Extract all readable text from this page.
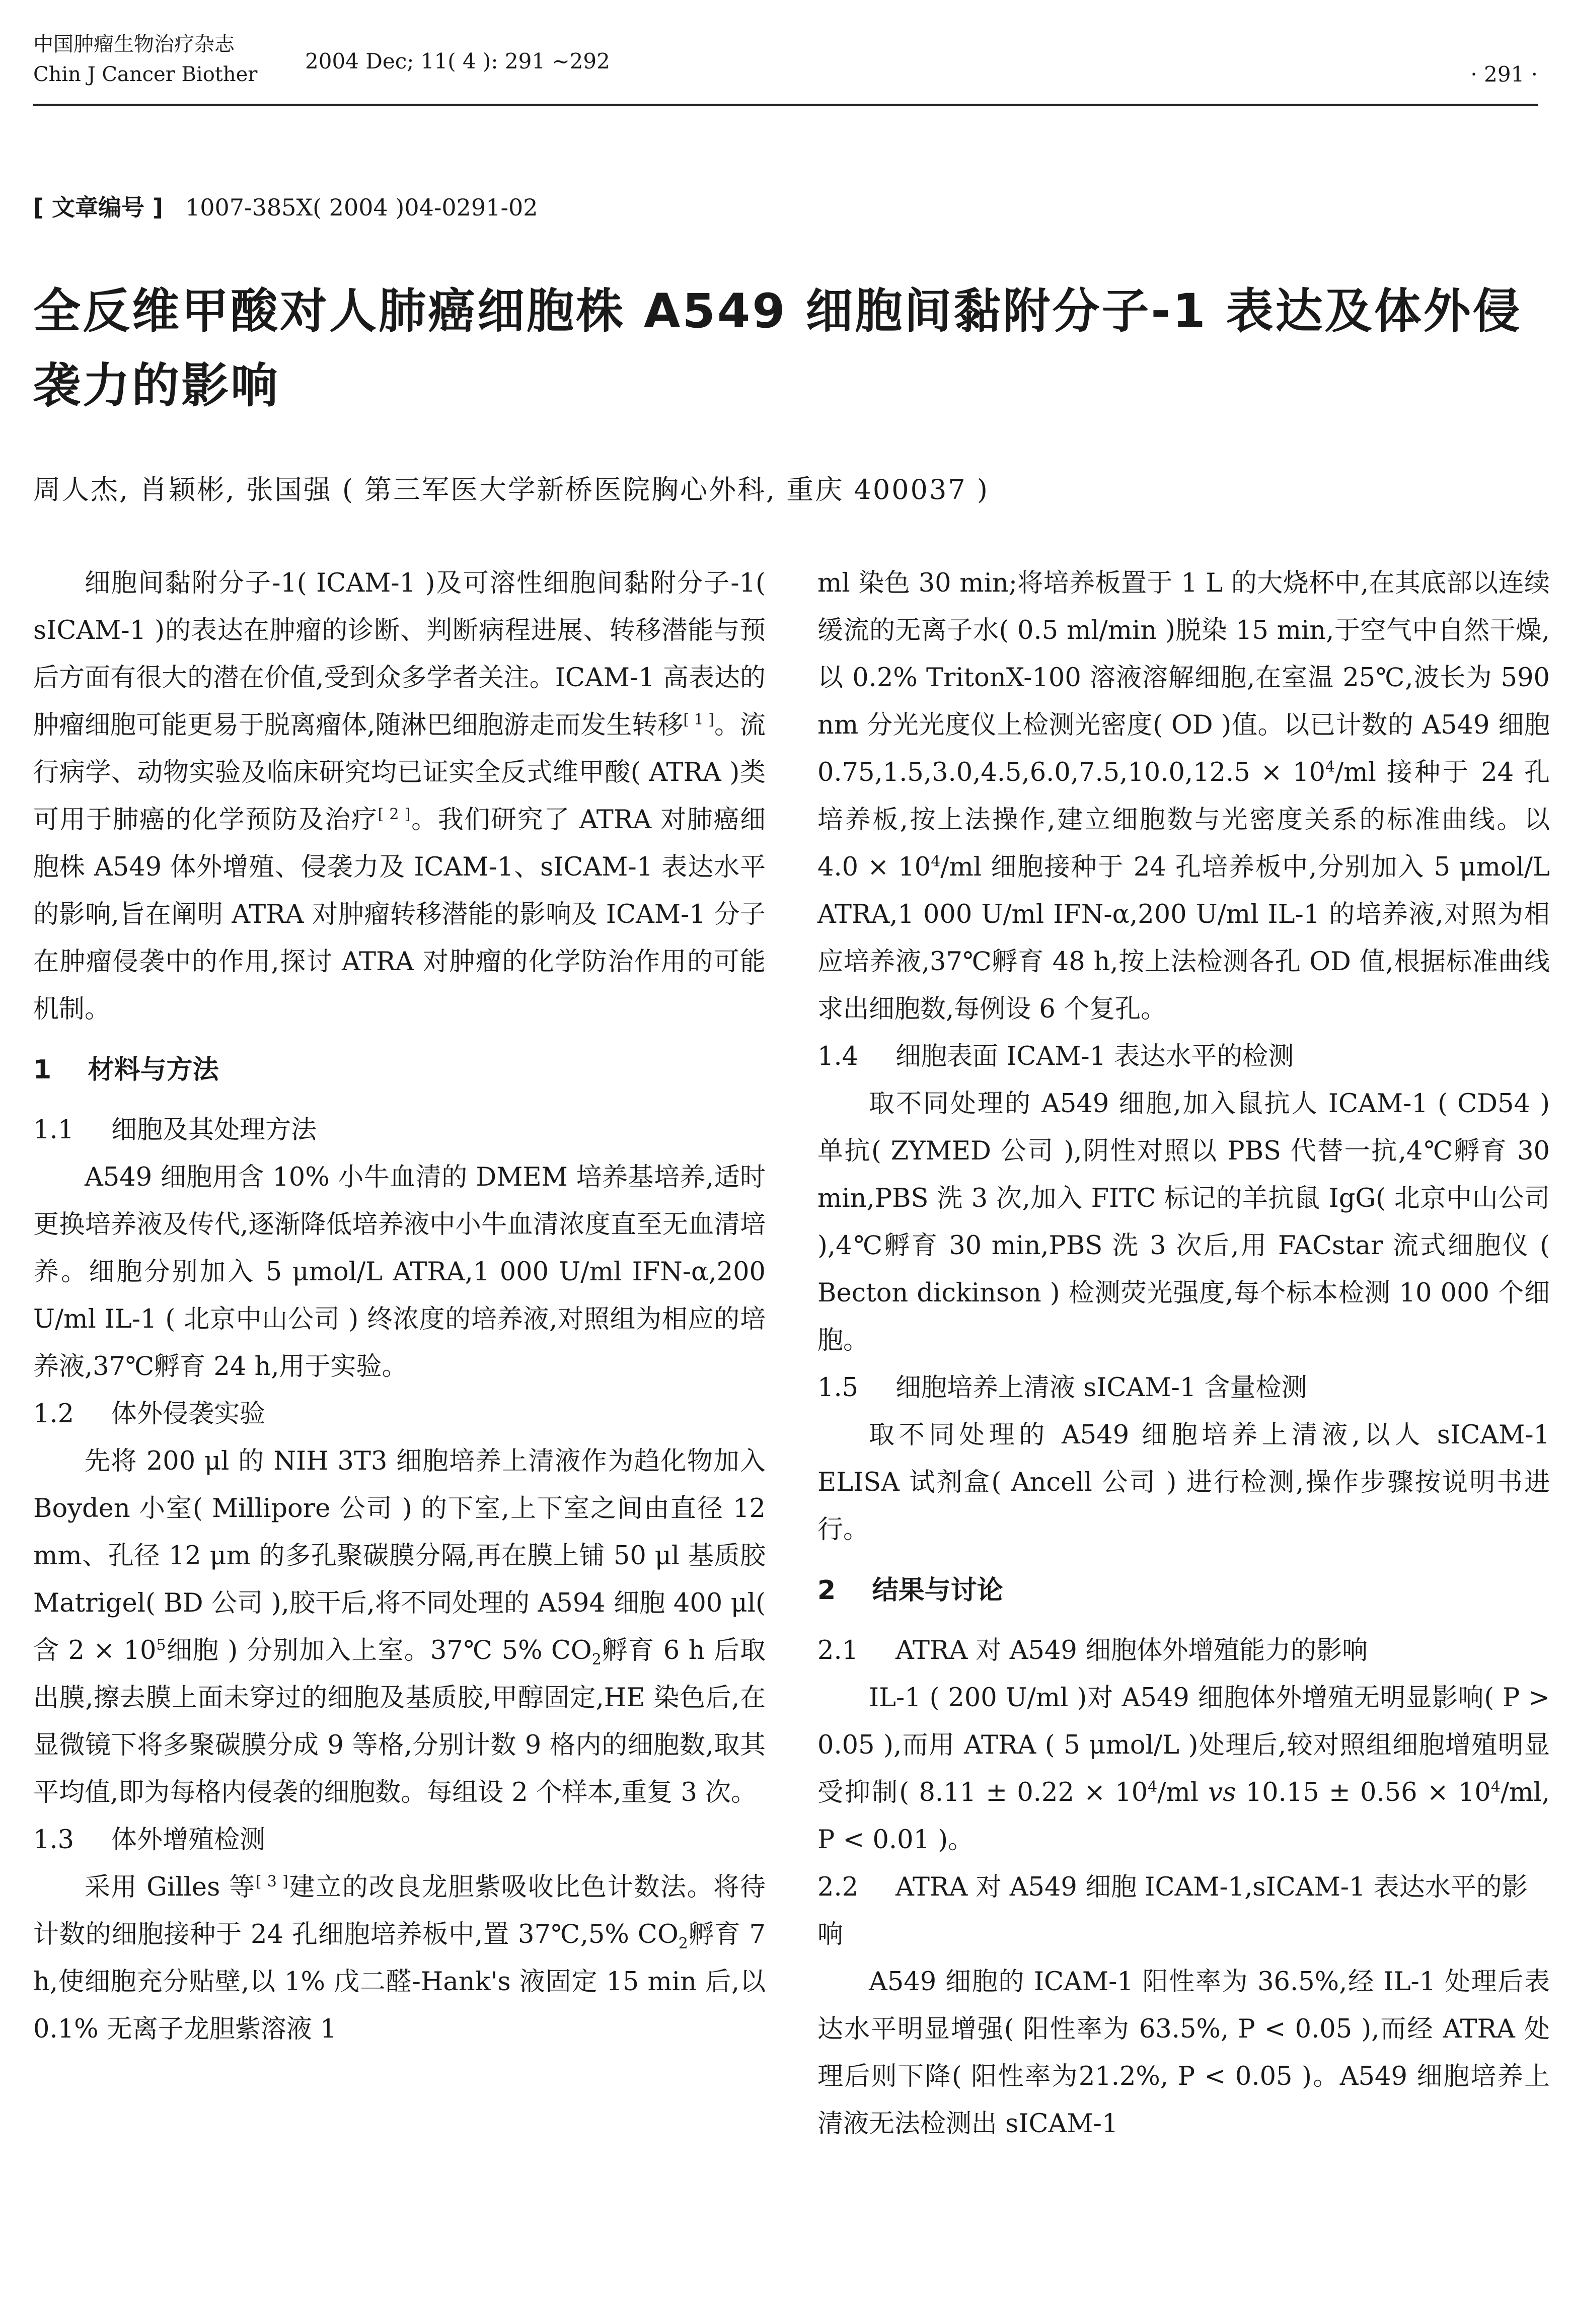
中国肿瘤生物治疗杂志
Chin J Cancer Biother
2004 Dec; 11( 4 ): 291 ~292
· 291 ·
[ 文章编号 ] 1007-385X( 2004 )04-0291-02
全反维甲酸对人肺癌细胞株 A549 细胞间黏附分子-1 表达及体外侵袭力的影响
周人杰, 肖颖彬, 张国强 ( 第三军医大学新桥医院胸心外科, 重庆 400037 )

细胞间黏附分子-1( ICAM-1 )及可溶性细胞间黏附分子-1( sICAM-1 )的表达在肿瘤的诊断、判断病程进展、转移潜能与预后方面有很大的潜在价值,受到众多学者关注。ICAM-1 高表达的肿瘤细胞可能更易于脱离瘤体,随淋巴细胞游走而发生转移[ 1 ]。流行病学、动物实验及临床研究均已证实全反式维甲酸( ATRA )类可用于肺癌的化学预防及治疗[ 2 ]。我们研究了 ATRA 对肺癌细胞株 A549 体外增殖、侵袭力及 ICAM-1、sICAM-1 表达水平的影响,旨在阐明 ATRA 对肿瘤转移潜能的影响及 ICAM-1 分子在肿瘤侵袭中的作用,探讨 ATRA 对肿瘤的化学防治作用的可能机制。

1 材料与方法
1.1 细胞及其处理方法

A549 细胞用含 10% 小牛血清的 DMEM 培养基培养,适时更换培养液及传代,逐渐降低培养液中小牛血清浓度直至无血清培养。细胞分别加入 5 μmol/L ATRA,1 000 U/ml IFN-α,200 U/ml IL-1 ( 北京中山公司 ) 终浓度的培养液,对照组为相应的培养液,37℃孵育 24 h,用于实验。

1.2 体外侵袭实验

先将 200 μl 的 NIH 3T3 细胞培养上清液作为趋化物加入 Boyden 小室( Millipore 公司 ) 的下室,上下室之间由直径 12 mm、孔径 12 μm 的多孔聚碳膜分隔,再在膜上铺 50 μl 基质胶 Matrigel( BD 公司 ),胶干后,将不同处理的 A594 细胞 400 μl( 含 $2 \times 10^5$细胞 ) 分别加入上室。37℃ 5% $CO_2$孵育 6 h 后取出膜,擦去膜上面未穿过的细胞及基质胶,甲醇固定,HE 染色后,在显微镜下将多聚碳膜分成 9 等格,分别计数 9 格内的细胞数,取其平均值,即为每格内侵袭的细胞数。每组设 2 个样本,重复 3 次。

1.3 体外增殖检测

采用 Gilles 等[ 3 ]建立的改良龙胆紫吸收比色计数法。将待计数的细胞接种于 24 孔细胞培养板中,置 37℃,5% $CO_2$孵育 7 h,使细胞充分贴壁,以 1% 戊二醛-Hank's 液固定 15 min 后,以 0.1% 无离子龙胆紫溶液 1

ml 染色 30 min;将培养板置于 1 L 的大烧杯中,在其底部以连续缓流的无离子水( 0.5 ml/min )脱染 15 min,于空气中自然干燥,以 0.2% TritonX-100 溶液溶解细胞,在室温 25℃,波长为 590 nm 分光光度仪上检测光密度( OD )值。以已计数的 A549 细胞 $0.75,1.5,3.0,4.5,6.0,7.5,10.0,12.5 \times 10^4/ml$ 接种于 24 孔培养板,按上法操作,建立细胞数与光密度关系的标准曲线。以 $4.0 \times 10^4/ml$ 细胞接种于 24 孔培养板中,分别加入 5 μmol/L ATRA,1 000 U/ml IFN-α,200 U/ml IL-1 的培养液,对照为相应培养液,37℃孵育 48 h,按上法检测各孔 OD 值,根据标准曲线求出细胞数,每例设 6 个复孔。

1.4 细胞表面 ICAM-1 表达水平的检测

取不同处理的 A549 细胞,加入鼠抗人 ICAM-1 ( CD54 ) 单抗( ZYMED 公司 ),阴性对照以 PBS 代替一抗,4℃孵育 30 min,PBS 洗 3 次,加入 FITC 标记的羊抗鼠 IgG( 北京中山公司 ),4℃孵育 30 min,PBS 洗 3 次后,用 FACstar 流式细胞仪 ( Becton dickinson ) 检测荧光强度,每个标本检测 10 000 个细胞。

1.5 细胞培养上清液 sICAM-1 含量检测

取不同处理的 A549 细胞培养上清液,以人 sICAM-1 ELISA 试剂盒( Ancell 公司 ) 进行检测,操作步骤按说明书进行。

2 结果与讨论
2.1 ATRA 对 A549 细胞体外增殖能力的影响

IL-1 ( 200 U/ml )对 A549 细胞体外增殖无明显影响( P > 0.05 ),而用 ATRA ( 5 μmol/L )处理后,较对照组细胞增殖明显受抑制( $8.11 \pm 0.22 \times 10^4/ml$ vs $10.15 \pm 0.56 \times 10^4/ml$, P < 0.01 )。

2.2 ATRA 对 A549 细胞 ICAM-1,sICAM-1 表达水平的影响

A549 细胞的 ICAM-1 阳性率为 36.5%,经 IL-1 处理后表达水平明显增强( 阳性率为 63.5%, P < 0.05 ),而经 ATRA 处理后则下降( 阳性率为21.2%, P < 0.05 )。A549 细胞培养上清液无法检测出 sICAM-1
